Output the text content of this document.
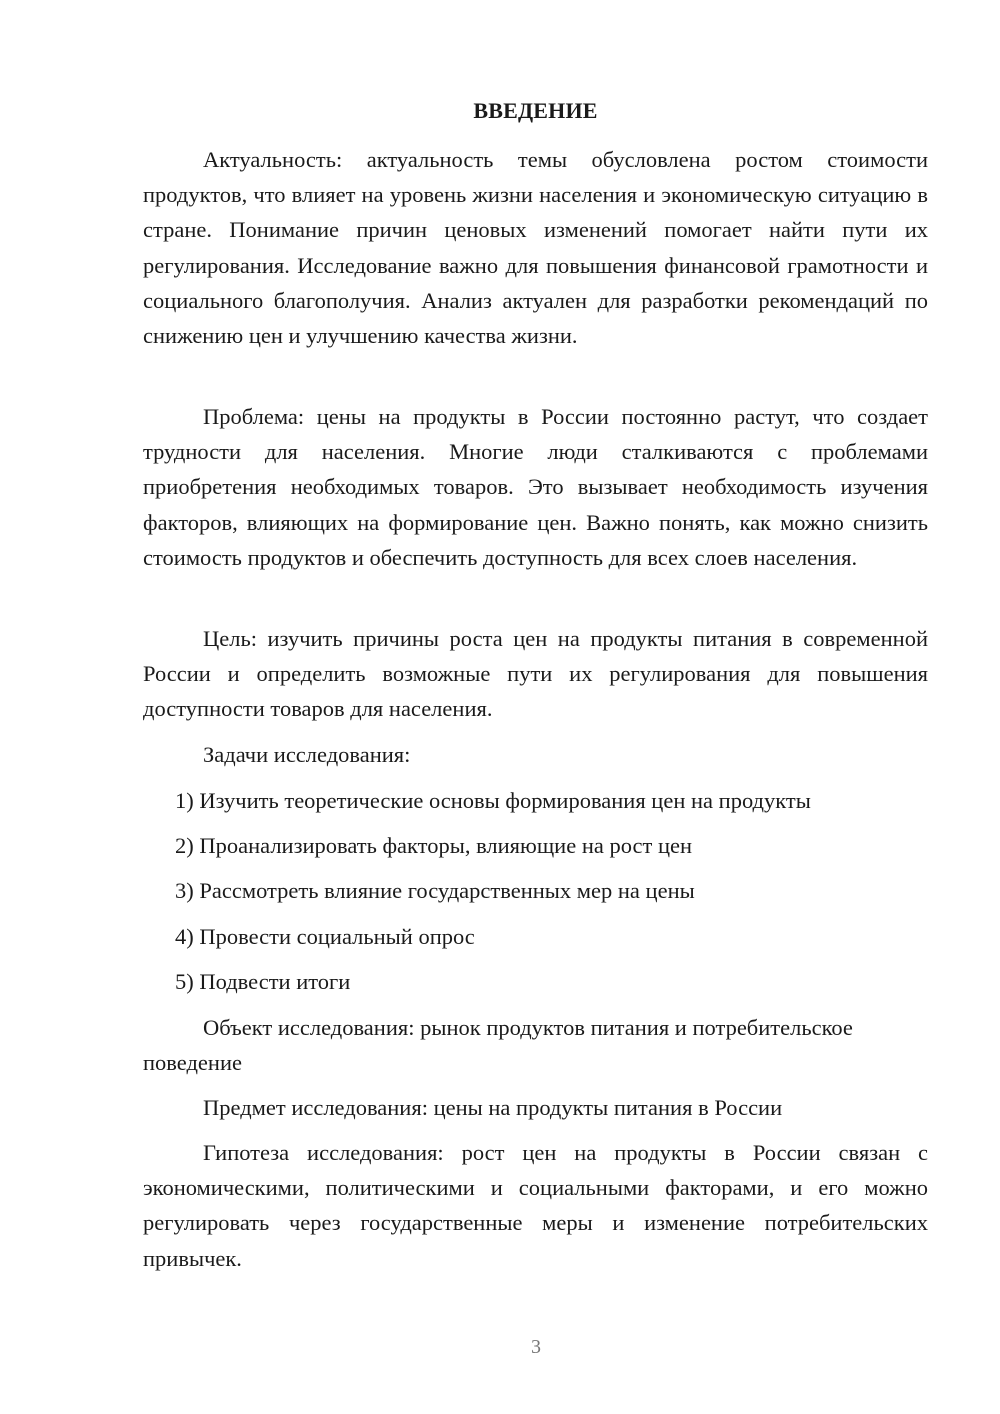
ВВЕДЕНИЕ

Актуальность: актуальность темы обусловлена ростом стоимости продуктов, что влияет на уровень жизни населения и экономическую ситуацию в стране. Понимание причин ценовых изменений помогает найти пути их регулирования. Исследование важно для повышения финансовой грамотности и социального благополучия. Анализ актуален для разработки рекомендаций по снижению цен и улучшению качества жизни.

Проблема: цены на продукты в России постоянно растут, что создает трудности для населения. Многие люди сталкиваются с проблемами приобретения необходимых товаров. Это вызывает необходимость изучения факторов, влияющих на формирование цен. Важно понять, как можно снизить стоимость продуктов и обеспечить доступность для всех слоев населения.

Цель: изучить причины роста цен на продукты питания в современной России и определить возможные пути их регулирования для повышения доступности товаров для населения.

Задачи исследования:
1) Изучить теоретические основы формирования цен на продукты
2) Проанализировать факторы, влияющие на рост цен
3) Рассмотреть влияние государственных мер на цены
4) Провести социальный опрос
5) Подвести итоги

Объект исследования: рынок продуктов питания и потребительское поведение

Предмет исследования: цены на продукты питания в России

Гипотеза исследования: рост цен на продукты в России связан с экономическими, политическими и социальными факторами, и его можно регулировать через государственные меры и изменение потребительских привычек.

3
